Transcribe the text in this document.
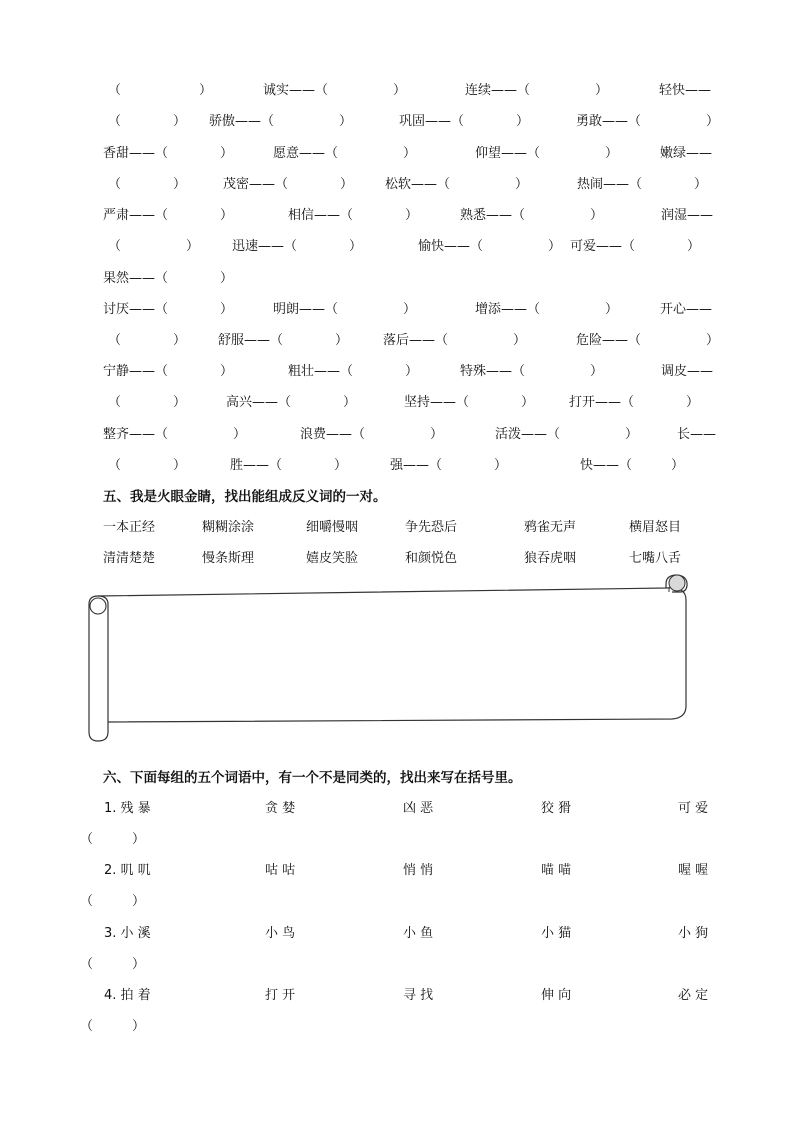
（　　　　　　）	诚实——（　　　　　）	连续——（　　　　　）	轻快——
（　　　　） 骄傲——（　　　　　）	巩固——（　　　　）	勇敢——（　　　　　）
香甜——（　　　　）	愿意——（　　　　　）	仰望——（　　　　　）	嫩绿——
（　　　　）	茂密——（　　　　） 松软——（　　　　　）	热闹——（　　　　）
严肃——（　　　　）	相信——（　　　　）	熟悉——（　　　　　）	润湿——
（　　　　　）	迅速——（　　　　）	愉快——（　　　　　） 可爱——（　　　　）
果然——（　　　　）
讨厌——（　　　　）	明朗——（　　　　　）	增添——（　　　　　）	开心——
（　　　　） 舒服——（　　　　）	落后——（　　　　　）	危险——（　　　　　）
宁静——（　　　　）	粗壮——（　　　　）	特殊——（　　　　　）	调皮——
（　　　　）	高兴——（　　　　）	坚持——（　　　　）	打开——（　　　　）
整齐——（　　　　　）	浪费——（　　　　　）	活泼——（　　　　　）	长——
（　　　　）	胜——（　　　　）	强——（　　　　）	快——（　　　）
五、我是火眼金睛，找出能组成反义词的一对。
一本正经	糊糊涂涂	细嚼慢咽	争先恐后	鸦雀无声	横眉怒目
清清楚楚	慢条斯理	嬉皮笑脸	和颜悦色	狼吞虎咽	七嘴八舌
六、下面每组的五个词语中，有一个不是同类的，找出来写在括号里。
1. 残 暴	贪 婪	凶 恶	狡 猾	可 爱
（　　　）
2. 叽 叽	咕 咕	悄 悄	喵 喵	喔 喔
（　　　）
3. 小 溪	小 鸟	小 鱼	小 猫	小 狗
（　　　）
4. 拍 着	打 开	寻 找	伸 向	必 定
（　　　）
